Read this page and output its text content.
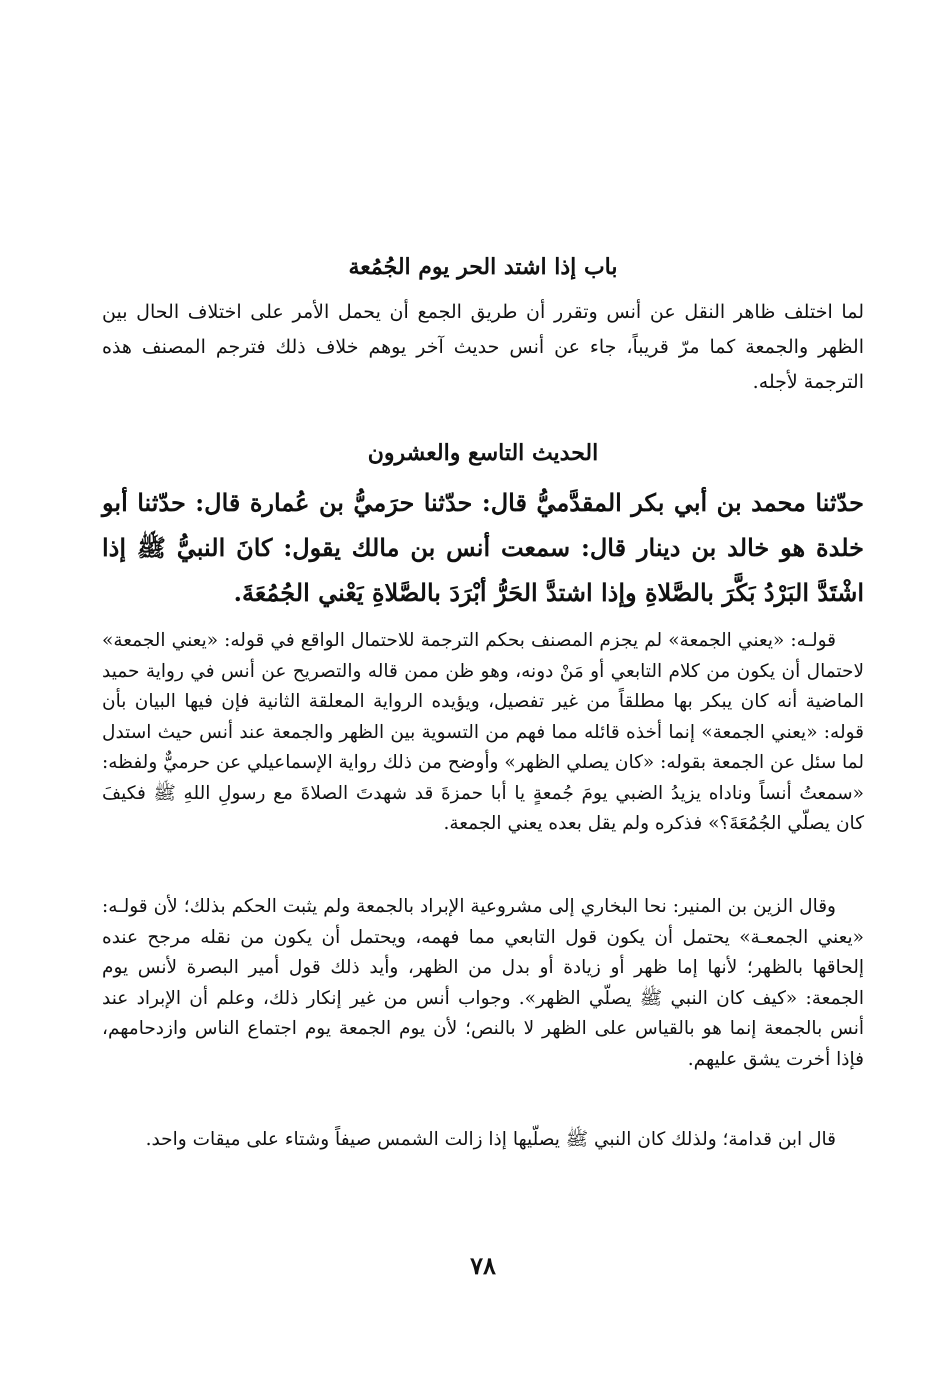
باب إذا اشتد الحر يوم الجُمُعة

لما اختلف ظاهر النقل عن أنس وتقرر أن طريق الجمع أن يحمل الأمر على اختلاف الحال بين الظهر والجمعة كما مرّ قريباً، جاء عن أنس حديث آخر يوهم خلاف ذلك فترجم المصنف هذه الترجمة لأجله.

الحديث التاسع والعشرون

حدّثنا محمد بن أبي بكر المقدَّميُّ قال: حدّثنا حرَميُّ بن عُمارة قال: حدّثنا أبو خلدة هو خالد بن دينار قال: سمعت أنس بن مالك يقول: كانَ النبيُّ ﷺ إذا اشْتَدَّ البَرْدُ بَكَّرَ بالصَّلاةِ وإذا اشتدَّ الحَرُّ أبْرَدَ بالصَّلاةِ يَعْني الجُمُعَةَ.

قولـه: «يعني الجمعة» لم يجزم المصنف بحكم الترجمة للاحتمال الواقع في قوله: «يعني الجمعة» لاحتمال أن يكون من كلام التابعي أو مَنْ دونه، وهو ظن ممن قاله والتصريح عن أنس في رواية حميد الماضية أنه كان يبكر بها مطلقاً من غير تفصيل، ويؤيده الرواية المعلقة الثانية فإن فيها البيان بأن قوله: «يعني الجمعة» إنما أخذه قائله مما فهم من التسوية بين الظهر والجمعة عند أنس حيث استدل لما سئل عن الجمعة بقوله: «كان يصلي الظهر» وأوضح من ذلك رواية الإسماعيلي عن حرميٌّ ولفظه: «سمعتُ أنساً وناداه يزيدُ الضبي يومَ جُمعةٍ يا أبا حمزةَ قد شهدتَ الصلاةَ مع رسولِ اللهِ ﷺ فكيفَ كان يصلّي الجُمُعَةَ؟» فذكره ولم يقل بعده يعني الجمعة.

وقال الزين بن المنير: نحا البخاري إلى مشروعية الإبراد بالجمعة ولم يثبت الحكم بذلك؛ لأن قولـه: «يعني الجمعـة» يحتمل أن يكون قول التابعي مما فهمه، ويحتمل أن يكون من نقله مرجح عنده إلحاقها بالظهر؛ لأنها إما ظهر أو زيادة أو بدل من الظهر، وأيد ذلك قول أمير البصرة لأنس يوم الجمعة: «كيف كان النبي ﷺ يصلّي الظهر». وجواب أنس من غير إنكار ذلك، وعلم أن الإبراد عند أنس بالجمعة إنما هو بالقياس على الظهر لا بالنص؛ لأن يوم الجمعة يوم اجتماع الناس وازدحامهم، فإذا أخرت يشق عليهم.

قال ابن قدامة؛ ولذلك كان النبي ﷺ يصلّيها إذا زالت الشمس صيفاً وشتاء على ميقات واحد.

٧٨
